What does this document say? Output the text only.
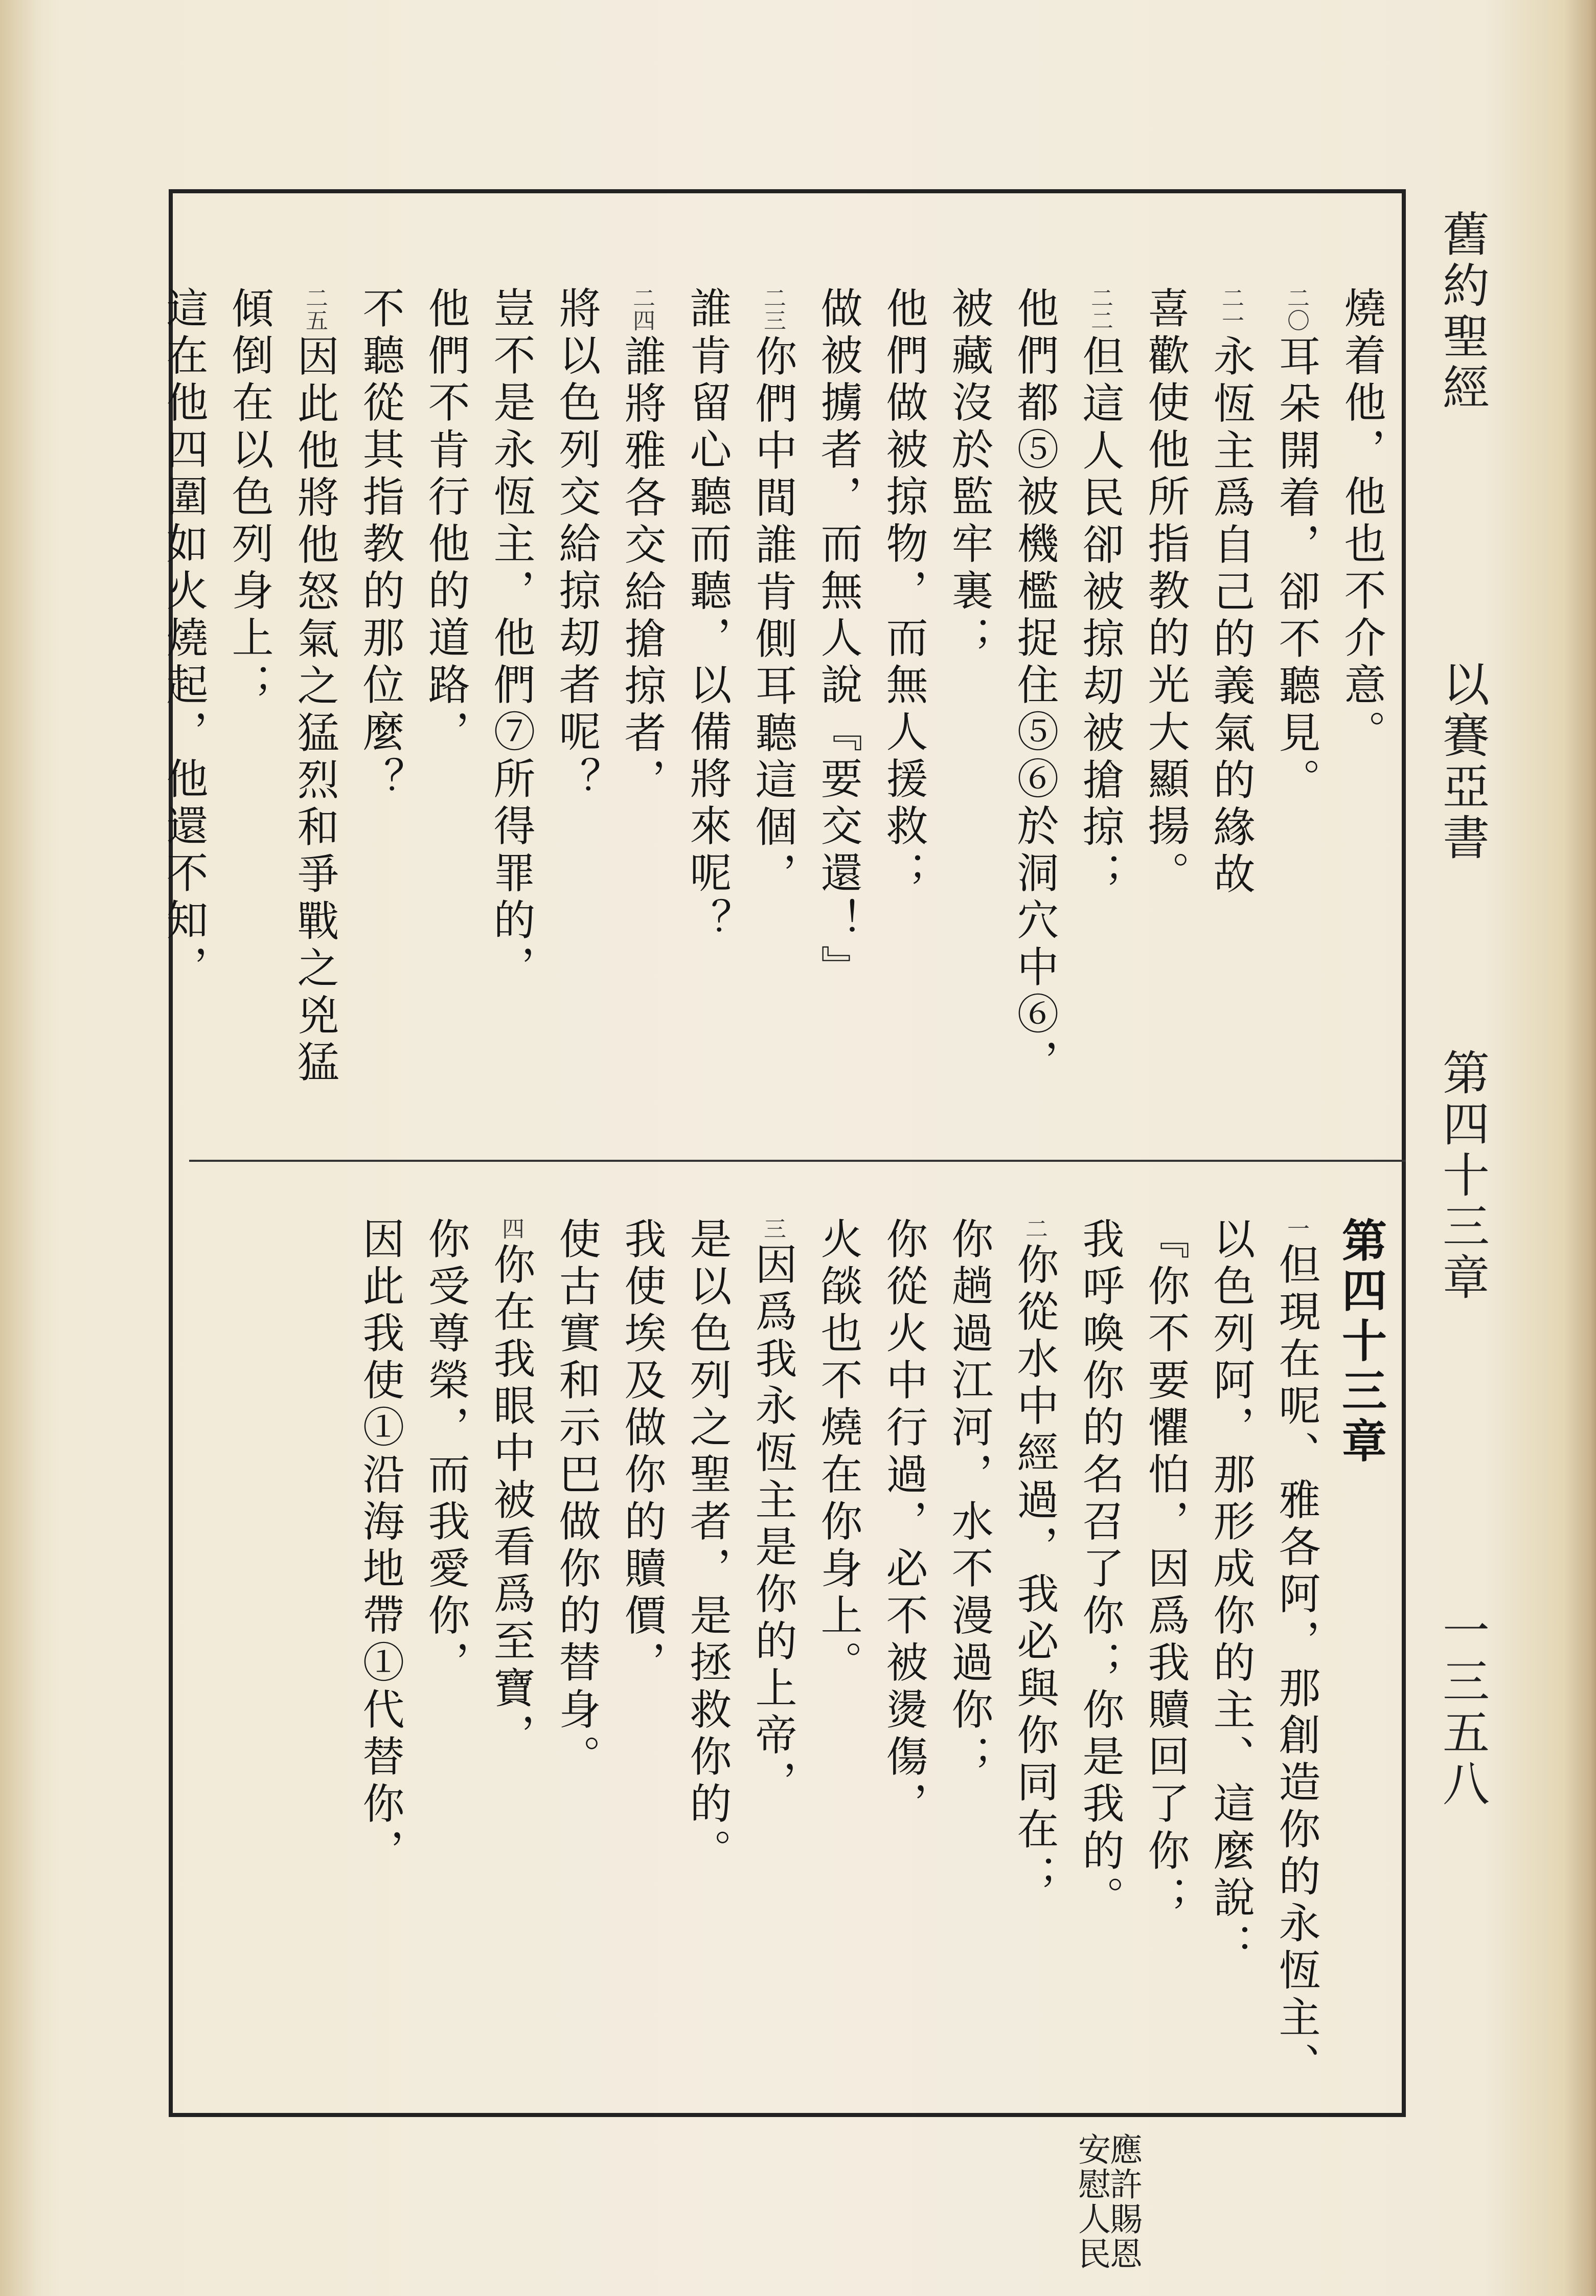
舊約聖經
以賽亞書
第四十三章
一三五八
燒着他，他也不介意。
二〇耳朵開着，卻不聽見。
二一永恆主爲自己的義氣的緣故
喜歡使他所指教的光大顯揚。
二二但這人民卻被掠刧被搶掠；
他們都⑤被機檻捉住⑤⑥於洞穴中⑥，
被藏沒於監牢裏；
他們做被掠物，而無人援救；
做被擄者，而無人說『要交還！』
二三你們中間誰肯側耳聽這個，
誰肯留心聽而聽，以備將來呢？
二四誰將雅各交給搶掠者，
將以色列交給掠刧者呢？
豈不是永恆主，他們⑦所得罪的，
他們不肯行他的道路，
不聽從其指教的那位麼？
二五因此他將他怒氣之猛烈和爭戰之兇猛
傾倒在以色列身上；
這在他四圍如火燒起，他還不知，
第四十三章
一但現在呢、雅各阿，那創造你的永恆主、
以色列阿，那形成你的主、這麼說：
『你不要懼怕，因爲我贖回了你；
我呼喚你的名召了你；你是我的。
二你從水中經過，我必與你同在；
你趟過江河，水不漫過你；
你從火中行過，必不被燙傷，
火燄也不燒在你身上。
三因爲我永恆主是你的上帝，
是以色列之聖者，是拯救你的。
我使埃及做你的贖價，
使古實和示巴做你的替身。
四你在我眼中被看爲至寶，
你受尊榮，而我愛你，
因此我使①沿海地帶①代替你，
應許賜恩
安慰人民
